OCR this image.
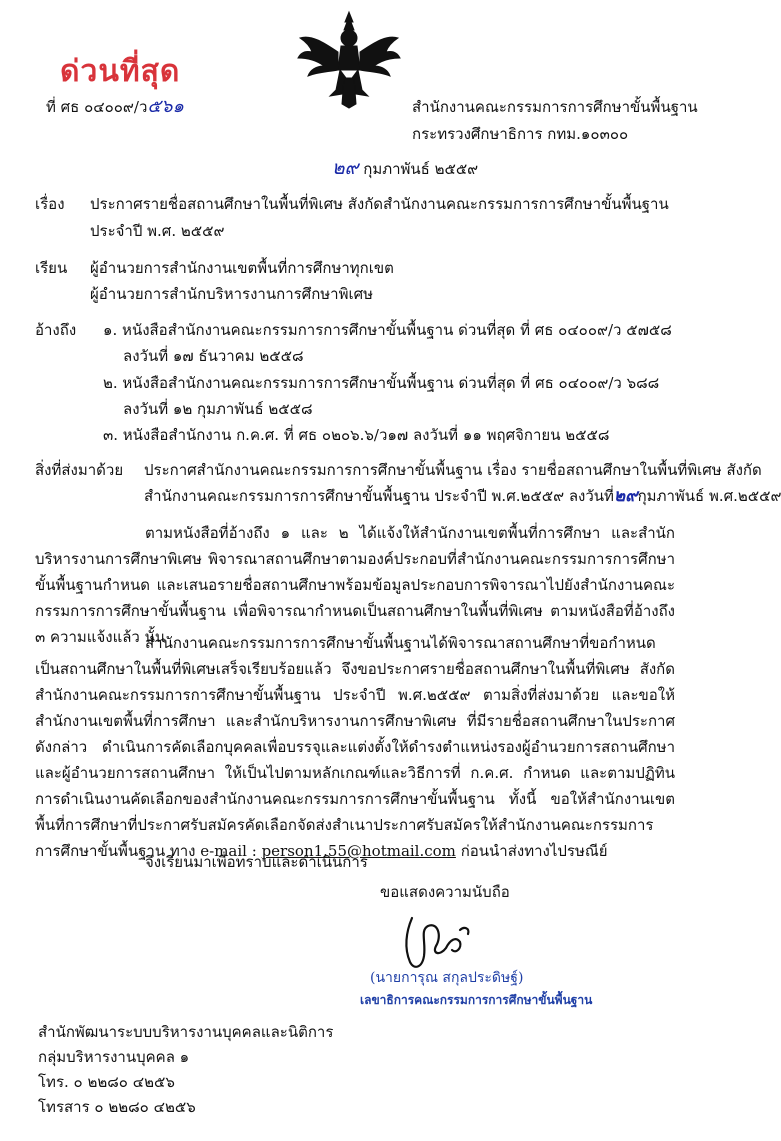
ด่วนที่สุด
ที่ ศธ ๐๔๐๐๙/ว๕๖๑	สำนักงานคณะกรรมการการศึกษาขั้นพื้นฐาน
กระทรวงศึกษาธิการ กทม.๑๐๓๐๐
๒๙ กุมภาพันธ์ ๒๕๕๙
เรื่อง ประกาศรายชื่อสถานศึกษาในพื้นที่พิเศษ สังกัดสำนักงานคณะกรรมการการศึกษาขั้นพื้นฐาน
ประจำปี พ.ศ. ๒๕๕๙
เรียน ผู้อำนวยการสำนักงานเขตพื้นที่การศึกษาทุกเขต
ผู้อำนวยการสำนักบริหารงานการศึกษาพิเศษ
อ้างถึง ๑. หนังสือสำนักงานคณะกรรมการการศึกษาขั้นพื้นฐาน ด่วนที่สุด ที่ ศธ ๐๔๐๐๙/ว ๕๗๕๘
ลงวันที่ ๑๗ ธันวาคม ๒๕๕๘
๒. หนังสือสำนักงานคณะกรรมการการศึกษาขั้นพื้นฐาน ด่วนที่สุด ที่ ศธ ๐๔๐๐๙/ว ๖๘๘
ลงวันที่ ๑๒ กุมภาพันธ์ ๒๕๕๘
๓. หนังสือสำนักงาน ก.ค.ศ. ที่ ศธ ๐๒๐๖.๖/ว๑๗ ลงวันที่ ๑๑ พฤศจิกายน ๒๕๕๘
สิ่งที่ส่งมาด้วย ประกาศสำนักงานคณะกรรมการการศึกษาขั้นพื้นฐาน เรื่อง รายชื่อสถานศึกษาในพื้นที่พิเศษ สังกัด
สำนักงานคณะกรรมการการศึกษาขั้นพื้นฐาน ประจำปี พ.ศ.๒๕๕๙ ลงวันที่๒๙กุมภาพันธ์ พ.ศ.๒๕๕๙
ตามหนังสือที่อ้างถึง ๑ และ ๒ ได้แจ้งให้สำนักงานเขตพื้นที่การศึกษา และสำนักบริหารงานการศึกษาพิเศษ พิจารณาสถานศึกษาตามองค์ประกอบที่สำนักงานคณะกรรมการการศึกษาขั้นพื้นฐานกำหนด และเสนอรายชื่อสถานศึกษาพร้อมข้อมูลประกอบการพิจารณาไปยังสำนักงานคณะกรรมการการศึกษาขั้นพื้นฐาน เพื่อพิจารณากำหนดเป็นสถานศึกษาในพื้นที่พิเศษ ตามหนังสือที่อ้างถึง ๓ ความแจ้งแล้ว นั้น
สำนักงานคณะกรรมการการศึกษาขั้นพื้นฐานได้พิจารณาสถานศึกษาที่ขอกำหนดเป็นสถานศึกษาในพื้นที่พิเศษเสร็จเรียบร้อยแล้ว จึงขอประกาศรายชื่อสถานศึกษาในพื้นที่พิเศษ สังกัดสำนักงานคณะกรรมการการศึกษาขั้นพื้นฐาน ประจำปี พ.ศ.๒๕๕๙ ตามสิ่งที่ส่งมาด้วย และขอให้สำนักงานเขตพื้นที่การศึกษา และสำนักบริหารงานการศึกษาพิเศษ ที่มีรายชื่อสถานศึกษาในประกาศดังกล่าว ดำเนินการคัดเลือกบุคคลเพื่อบรรจุและแต่งตั้งให้ดำรงตำแหน่งรองผู้อำนวยการสถานศึกษา และผู้อำนวยการสถานศึกษา ให้เป็นไปตามหลักเกณฑ์และวิธีการที่ ก.ค.ศ. กำหนด และตามปฏิทินการดำเนินงานคัดเลือกของสำนักงานคณะกรรมการการศึกษาขั้นพื้นฐาน ทั้งนี้ ขอให้สำนักงานเขตพื้นที่การศึกษาที่ประกาศรับสมัครคัดเลือกจัดส่งสำเนาประกาศรับสมัครให้สำนักงานคณะกรรมการการศึกษาขั้นพื้นฐาน ทาง e-mail : person1.55@hotmail.com ก่อนนำส่งทางไปรษณีย์
จึงเรียนมาเพื่อทราบและดำเนินการ
ขอแสดงความนับถือ
(นายการุณ สกุลประดิษฐ์)
เลขาธิการคณะกรรมการการศึกษาขั้นพื้นฐาน
สำนักพัฒนาระบบบริหารงานบุคคลและนิติการ
กลุ่มบริหารงานบุคคล ๑
โทร. ๐ ๒๒๘๐ ๔๒๕๖
โทรสาร ๐ ๒๒๘๐ ๔๒๕๖
